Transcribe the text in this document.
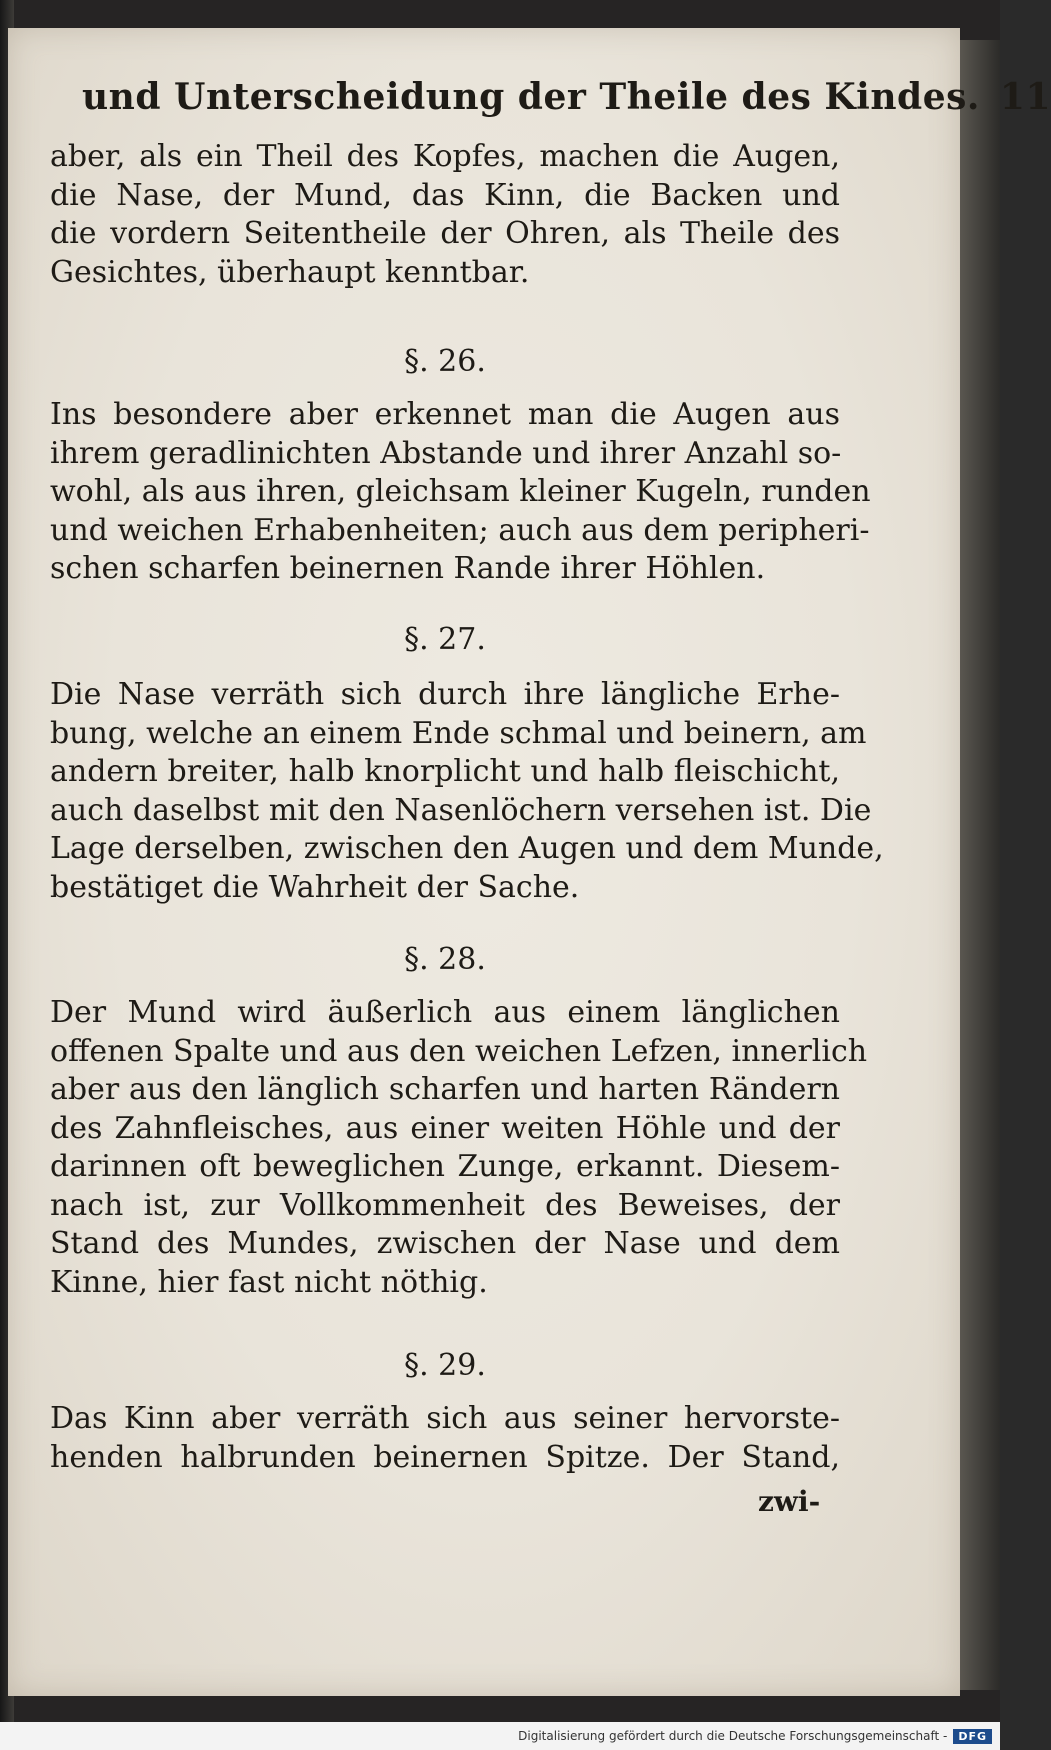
und Unterscheidung der Theile des Kindes. 11
aber, als ein Theil des Kopfes, machen die Augen,
die Nase, der Mund, das Kinn, die Backen und
die vordern Seitentheile der Ohren, als Theile des
Gesichtes, überhaupt kenntbar.
§. 26.
Ins besondere aber erkennet man die Augen aus
ihrem geradlinichten Abstande und ihrer Anzahl so-
wohl, als aus ihren, gleichsam kleiner Kugeln, runden
und weichen Erhabenheiten; auch aus dem peripheri-
schen scharfen beinernen Rande ihrer Höhlen.
§. 27.
Die Nase verräth sich durch ihre längliche Erhe-
bung, welche an einem Ende schmal und beinern, am
andern breiter, halb knorplicht und halb fleischicht,
auch daselbst mit den Nasenlöchern versehen ist. Die
Lage derselben, zwischen den Augen und dem Munde,
bestätiget die Wahrheit der Sache.
§. 28.
Der Mund wird äußerlich aus einem länglichen
offenen Spalte und aus den weichen Lefzen, innerlich
aber aus den länglich scharfen und harten Rändern
des Zahnfleisches, aus einer weiten Höhle und der
darinnen oft beweglichen Zunge, erkannt. Diesem-
nach ist, zur Vollkommenheit des Beweises, der
Stand des Mundes, zwischen der Nase und dem
Kinne, hier fast nicht nöthig.
§. 29.
Das Kinn aber verräth sich aus seiner hervorste-
henden halbrunden beinernen Spitze. Der Stand,
zwi-
Digitalisierung gefördert durch die Deutsche Forschungsgemeinschaft -	DFG
